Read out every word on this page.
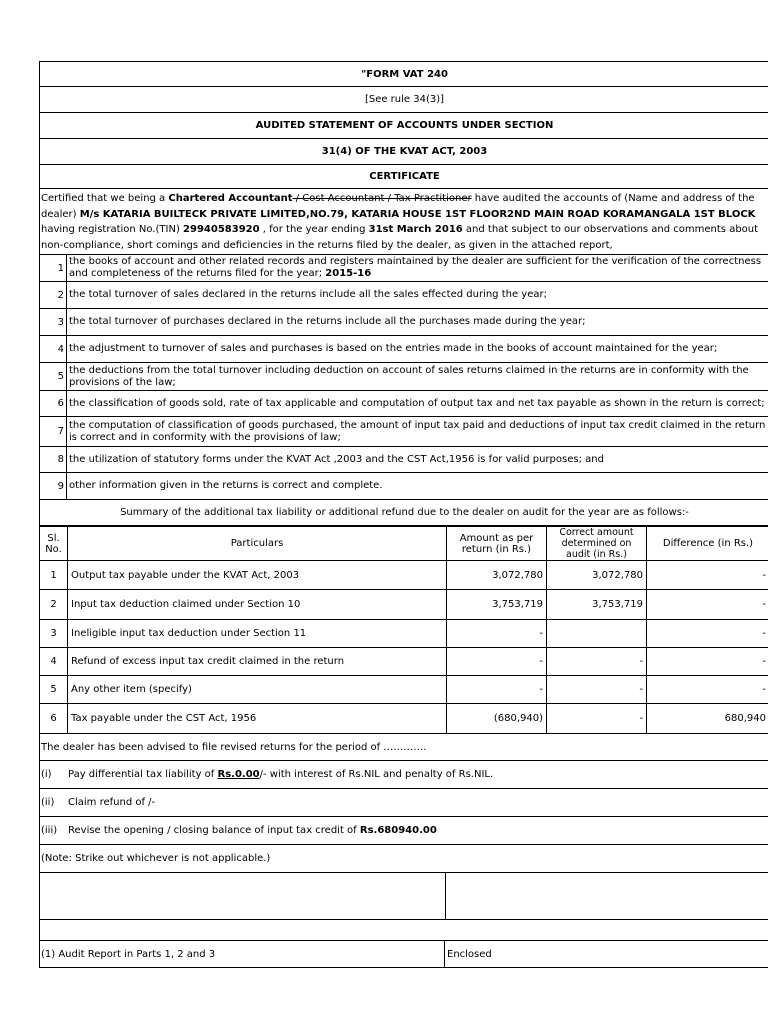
"FORM VAT 240
[See rule 34(3)]
AUDITED STATEMENT OF ACCOUNTS UNDER SECTION
31(4) OF THE KVAT ACT, 2003
CERTIFICATE
Certified that we being a Chartered Accountant / Cost Accountant / Tax Practitioner have audited the accounts of (Name and address of the dealer) M/s KATARIA BUILTECK PRIVATE LIMITED,NO.79, KATARIA HOUSE 1ST FLOOR2ND MAIN ROAD KORAMANGALA 1ST BLOCK having registration No.(TIN) 29940583920 , for the year ending 31st March 2016 and that subject to our observations and comments about non-compliance, short comings and deficiencies in the returns filed by the dealer, as given in the attached report,
1
the books of account and other related records and registers maintained by the dealer are sufficient for the verification of the correctness and completeness of the returns filed for the year; 2015-16
2 the total turnover of sales declared in the returns include all the sales effected during the year;
3 the total turnover of purchases declared in the returns include all the purchases made during the year;
4 the adjustment to turnover of sales and purchases is based on the entries made in the books of account maintained for the year;
5
the deductions from the total turnover including deduction on account of sales returns claimed in the returns are in conformity with the provisions of the law;
6 the classification of goods sold, rate of tax applicable and computation of output tax and net tax payable as shown in the return is correct;
7
the computation of classification of goods purchased, the amount of input tax paid and deductions of input tax credit claimed in the return is correct and in conformity with the provisions of law;
8 the utilization of statutory forms under the KVAT Act ,2003 and the CST Act,1956 is for valid purposes; and
9 other information given in the returns is correct and complete.
Summary of the additional tax liability or additional refund due to the dealer on audit for the year are as follows:-
Sl. No.	Particulars	Amount as per return (in Rs.)	Correct amount determined on audit (in Rs.)	Difference (in Rs.)
1	Output tax payable under the KVAT Act, 2003	3,072,780	3,072,780	-
2	Input tax deduction claimed under Section 10	3,753,719	3,753,719	-
3	Ineligible input tax deduction under Section 11	-		-
4	Refund of excess input tax credit claimed in the return	-	-	-
5	Any other item (specify)	-	-	-
6	Tax payable under the CST Act, 1956	(680,940)	-	680,940
The dealer has been advised to file revised returns for the period of ………….
(i)	Pay differential tax liability of Rs.0.00/- with interest of Rs.NIL and penalty of Rs.NIL.
(ii)	Claim refund of /-
(iii)	Revise the opening / closing balance of input tax credit of Rs.680940.00
(Note: Strike out whichever is not applicable.)
(1) Audit Report in Parts 1, 2 and 3	Enclosed
